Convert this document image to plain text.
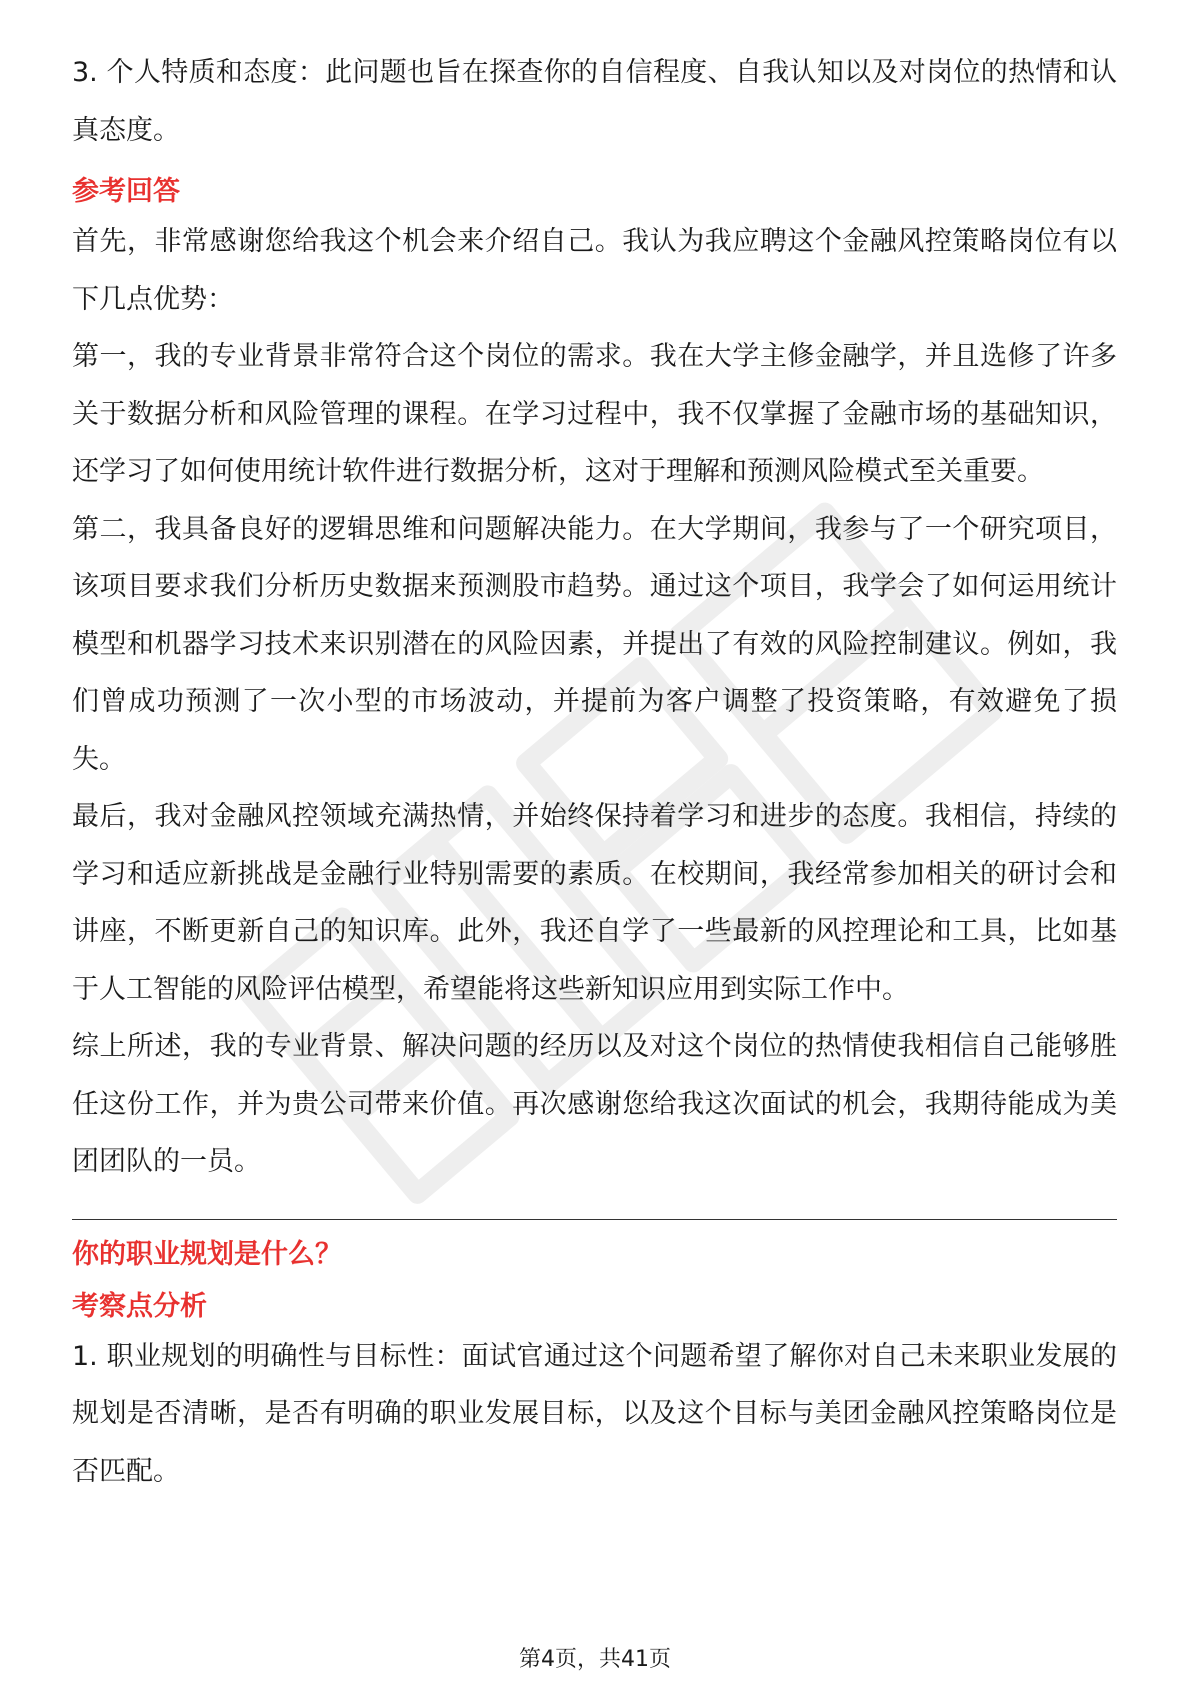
3. 个人特质和态度：此问题也旨在探查你的自信程度、自我认知以及对岗位的热情和认真态度。

参考回答

首先，非常感谢您给我这个机会来介绍自己。我认为我应聘这个金融风控策略岗位有以下几点优势：

第一，我的专业背景非常符合这个岗位的需求。我在大学主修金融学，并且选修了许多关于数据分析和风险管理的课程。在学习过程中，我不仅掌握了金融市场的基础知识，还学习了如何使用统计软件进行数据分析，这对于理解和预测风险模式至关重要。

第二，我具备良好的逻辑思维和问题解决能力。在大学期间，我参与了一个研究项目，该项目要求我们分析历史数据来预测股市趋势。通过这个项目，我学会了如何运用统计模型和机器学习技术来识别潜在的风险因素，并提出了有效的风险控制建议。例如，我们曾成功预测了一次小型的市场波动，并提前为客户调整了投资策略，有效避免了损失。

最后，我对金融风控领域充满热情，并始终保持着学习和进步的态度。我相信，持续的学习和适应新挑战是金融行业特别需要的素质。在校期间，我经常参加相关的研讨会和讲座，不断更新自己的知识库。此外，我还自学了一些最新的风控理论和工具，比如基于人工智能的风险评估模型，希望能将这些新知识应用到实际工作中。

综上所述，我的专业背景、解决问题的经历以及对这个岗位的热情使我相信自己能够胜任这份工作，并为贵公司带来价值。再次感谢您给我这次面试的机会，我期待能成为美团团队的一员。

你的职业规划是什么？
考察点分析

1. 职业规划的明确性与目标性：面试官通过这个问题希望了解你对自己未来职业发展的规划是否清晰，是否有明确的职业发展目标，以及这个目标与美团金融风控策略岗位是否匹配。

第4页，共41页
